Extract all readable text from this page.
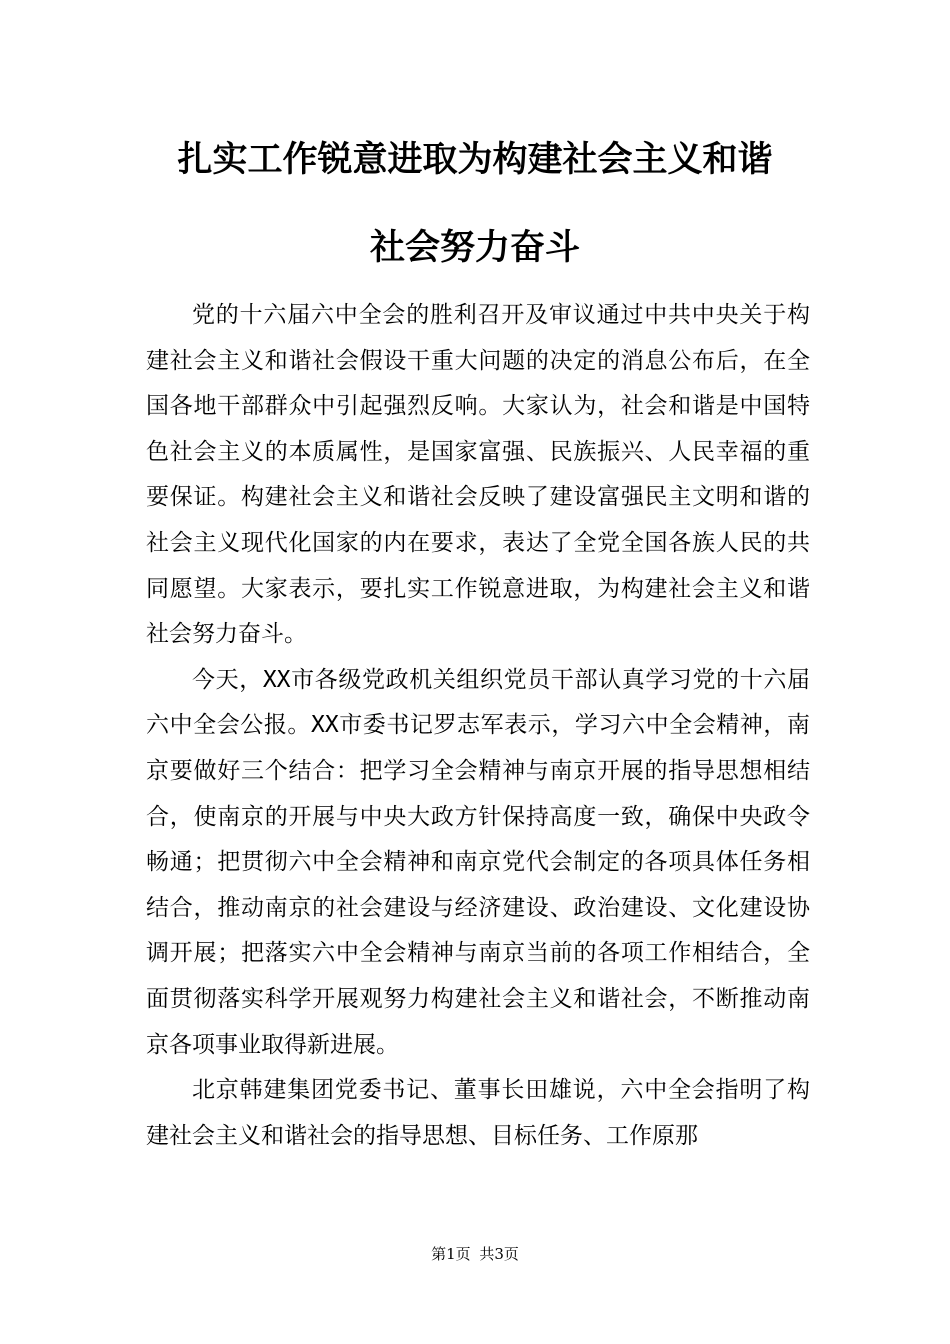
扎实工作锐意进取为构建社会主义和谐
社会努力奋斗

党的十六届六中全会的胜利召开及审议通过中共中央关于构建社会主义和谐社会假设干重大问题的决定的消息公布后，在全国各地干部群众中引起强烈反响。大家认为，社会和谐是中国特色社会主义的本质属性，是国家富强、民族振兴、人民幸福的重要保证。构建社会主义和谐社会反映了建设富强民主文明和谐的社会主义现代化国家的内在要求，表达了全党全国各族人民的共同愿望。大家表示，要扎实工作锐意进取，为构建社会主义和谐社会努力奋斗。

今天，XX市各级党政机关组织党员干部认真学习党的十六届六中全会公报。XX市委书记罗志军表示，学习六中全会精神，南京要做好三个结合：把学习全会精神与南京开展的指导思想相结合，使南京的开展与中央大政方针保持高度一致，确保中央政令畅通；把贯彻六中全会精神和南京党代会制定的各项具体任务相结合，推动南京的社会建设与经济建设、政治建设、文化建设协调开展；把落实六中全会精神与南京当前的各项工作相结合，全面贯彻落实科学开展观努力构建社会主义和谐社会，不断推动南京各项事业取得新进展。

北京韩建集团党委书记、董事长田雄说，六中全会指明了构建社会主义和谐社会的指导思想、目标任务、工作原那

第1页 共3页
